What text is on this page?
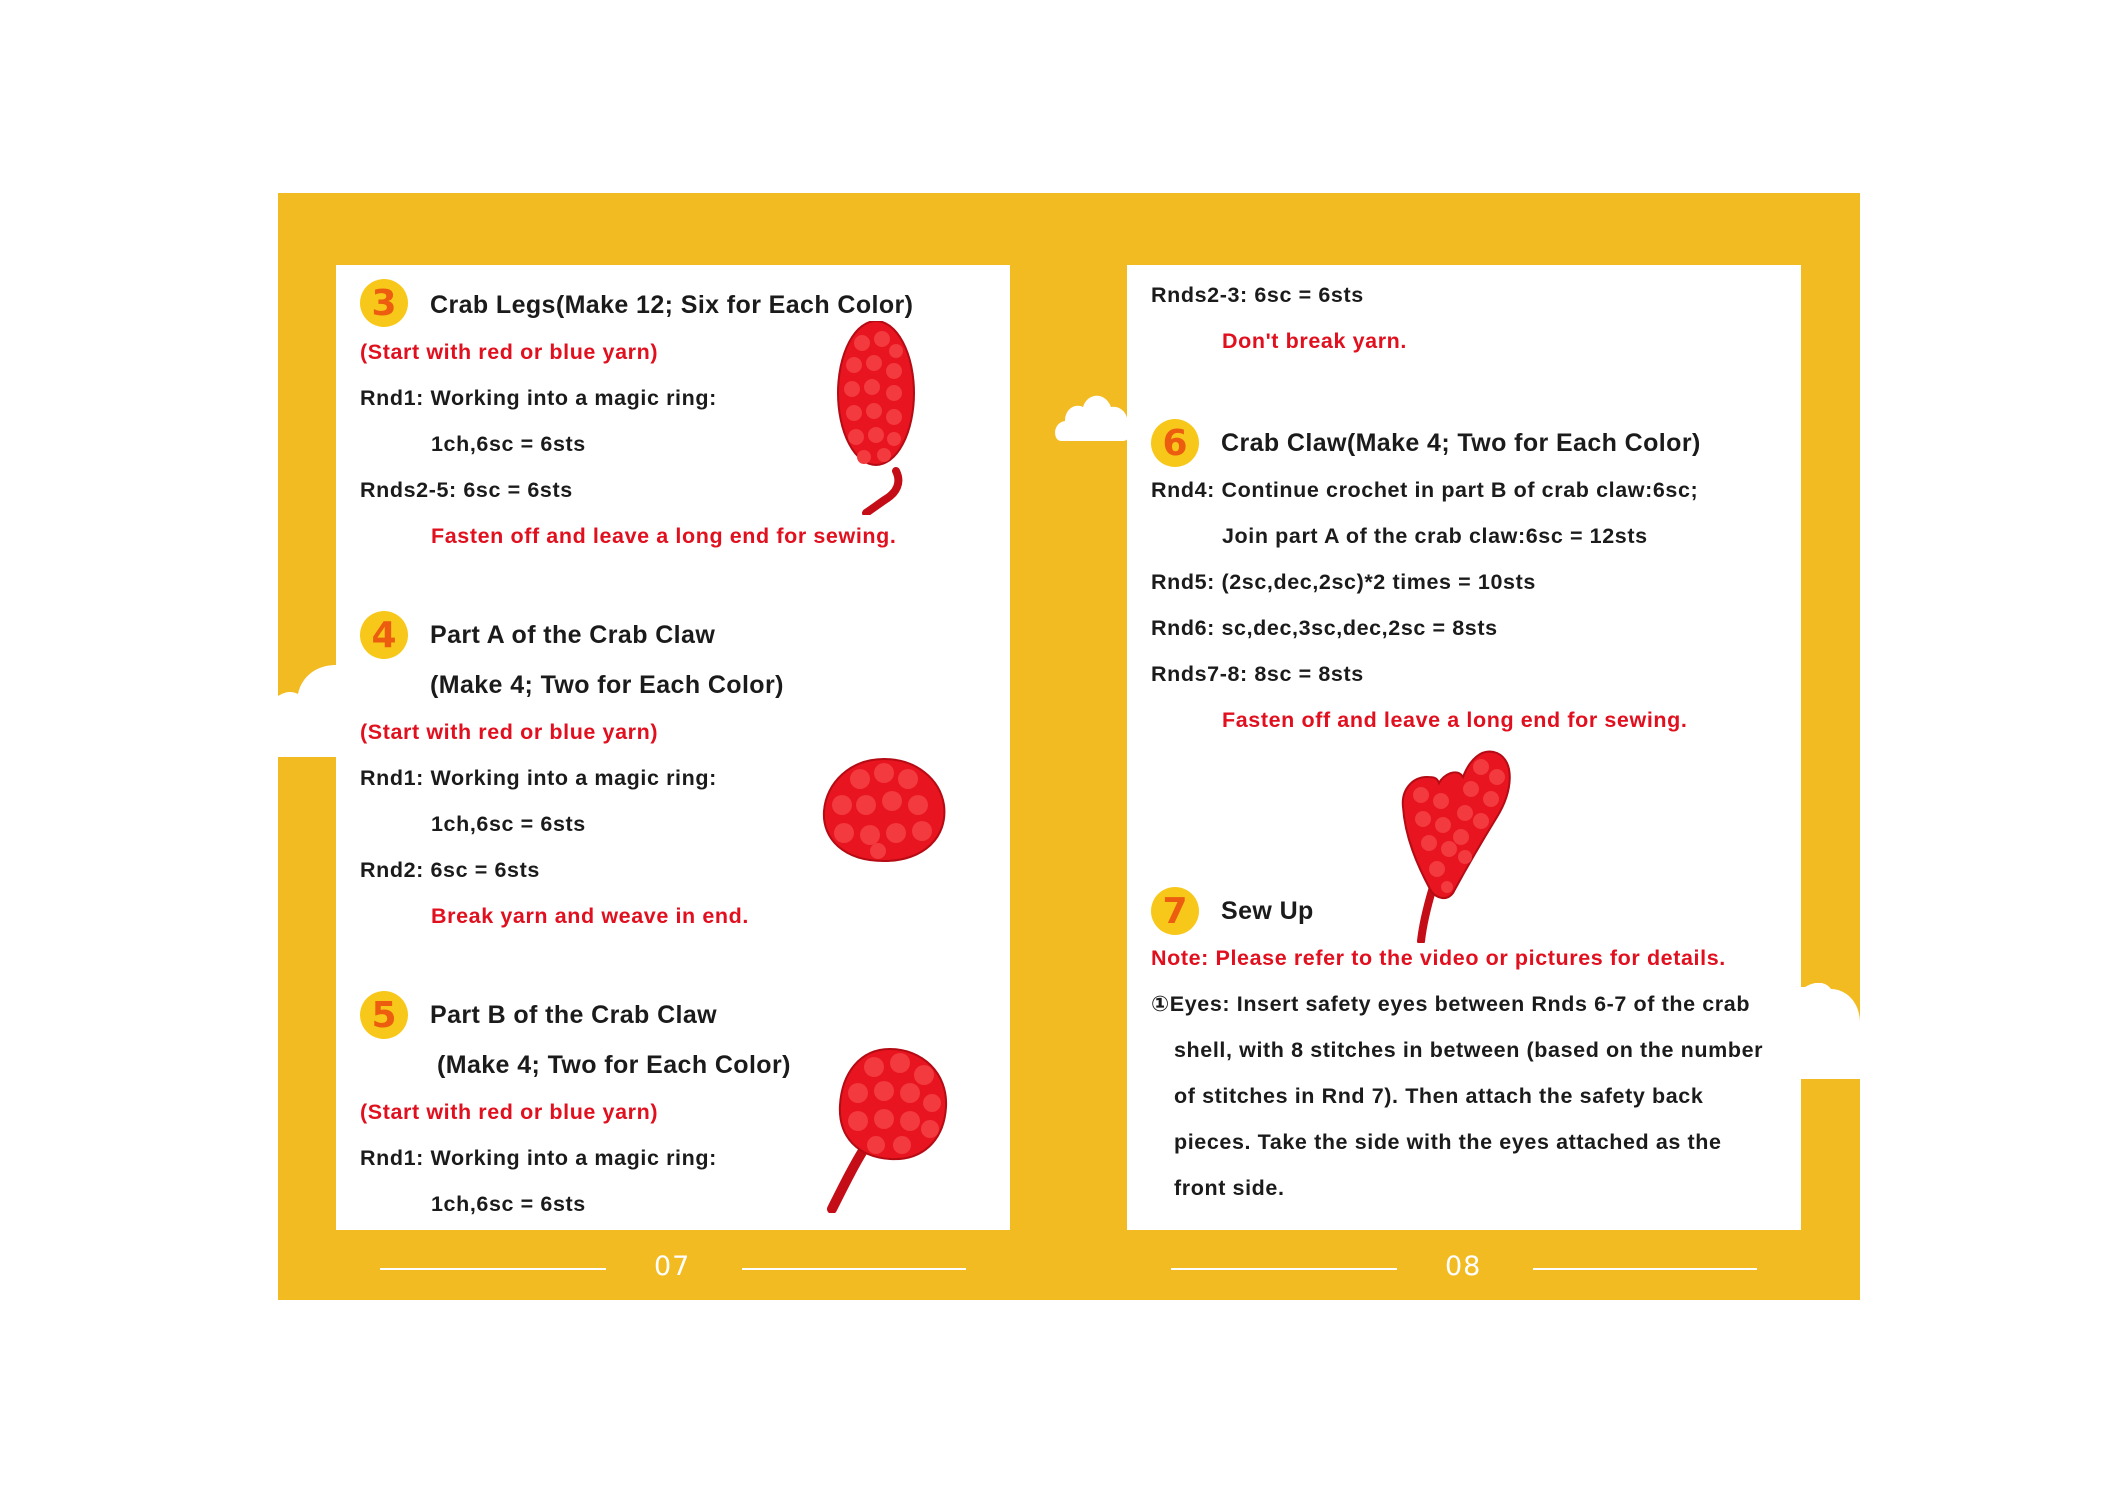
3	Crab Legs(Make 12; Six for Each Color)
(Start with red or blue yarn)
Rnd1: Working into a magic ring:
1ch,6sc = 6sts
Rnds2-5: 6sc = 6sts
Fasten off and leave a long end for sewing.
4	Part A of the Crab Claw
(Make 4; Two for Each Color)
(Start with red or blue yarn)
Rnd1: Working into a magic ring:
1ch,6sc = 6sts
Rnd2: 6sc = 6sts
Break yarn and weave in end.
5	Part B of the Crab Claw
(Make 4; Two for Each Color)
(Start with red or blue yarn)
Rnd1: Working into a magic ring:
1ch,6sc = 6sts
Rnds2-3: 6sc = 6sts
Don't break yarn.
6	Crab Claw(Make 4; Two for Each Color)
Rnd4: Continue crochet in part B of crab claw:6sc;
Join part A of the crab claw:6sc = 12sts
Rnd5: (2sc,dec,2sc)*2 times = 10sts
Rnd6: sc,dec,3sc,dec,2sc = 8sts
Rnds7-8: 8sc = 8sts
Fasten off and leave a long end for sewing.
7	Sew Up
Note: Please refer to the video or pictures for details.
①Eyes: Insert safety eyes between Rnds 6-7 of the crab
shell, with 8 stitches in between (based on the number
of stitches in Rnd 7). Then attach the safety back
pieces. Take the side with the eyes attached as the
front side.
07	08
